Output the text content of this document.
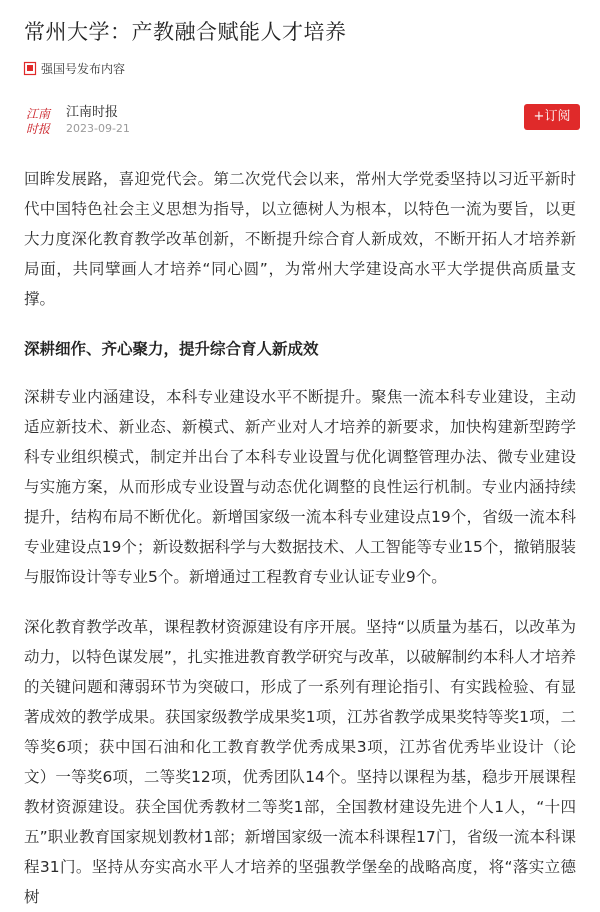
常州大学：产教融合赋能人才培养
强国号发布内容
江南
时报
江南时报
2023-09-21
+订阅

回眸发展路，喜迎党代会。第二次党代会以来，常州大学党委坚持以习近平新时代中国特色社会主义思想为指导，以立德树人为根本，以特色一流为要旨，以更大力度深化教育教学改革创新，不断提升综合育人新成效，不断开拓人才培养新局面，共同擘画人才培养“同心圆”，为常州大学建设高水平大学提供高质量支撑。

深耕细作、齐心聚力，提升综合育人新成效

深耕专业内涵建设，本科专业建设水平不断提升。聚焦一流本科专业建设，主动适应新技术、新业态、新模式、新产业对人才培养的新要求，加快构建新型跨学科专业组织模式，制定并出台了本科专业设置与优化调整管理办法、微专业建设与实施方案，从而形成专业设置与动态优化调整的良性运行机制。专业内涵持续提升，结构布局不断优化。新增国家级一流本科专业建设点19个，省级一流本科专业建设点19个；新设数据科学与大数据技术、人工智能等专业15个，撤销服装与服饰设计等专业5个。新增通过工程教育专业认证专业9个。

深化教育教学改革，课程教材资源建设有序开展。坚持“以质量为基石，以改革为动力，以特色谋发展”，扎实推进教育教学研究与改革，以破解制约本科人才培养的关键问题和薄弱环节为突破口，形成了一系列有理论指引、有实践检验、有显著成效的教学成果。获国家级教学成果奖1项，江苏省教学成果奖特等奖1项，二等奖6项；获中国石油和化工教育教学优秀成果3项，江苏省优秀毕业设计（论文）一等奖6项，二等奖12项，优秀团队14个。坚持以课程为基，稳步开展课程教材资源建设。获全国优秀教材二等奖1部，全国教材建设先进个人1人，“十四五”职业教育国家规划教材1部；新增国家级一流本科课程17门，省级一流本科课程31门。坚持从夯实高水平人才培养的坚强教学堡垒的战略高度，将“落实立德树
